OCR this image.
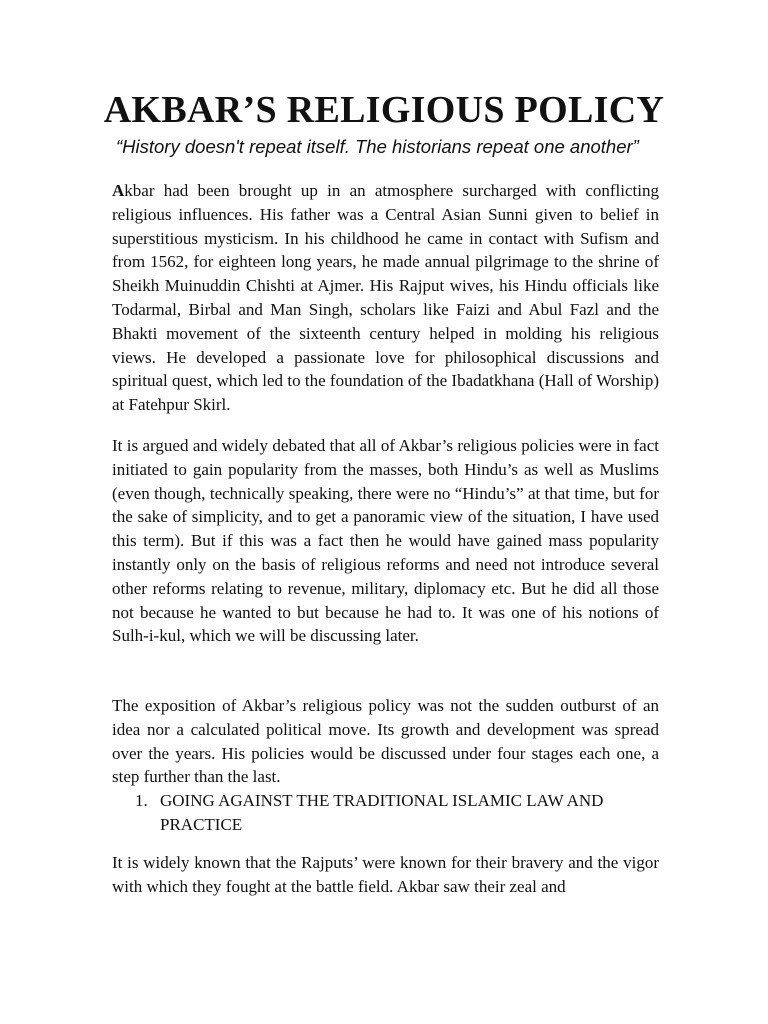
AKBAR’S RELIGIOUS POLICY

“History doesn't repeat itself. The historians repeat one another”

Akbar had been brought up in an atmosphere surcharged with conflicting religious influences. His father was a Central Asian Sunni given to belief in superstitious mysticism. In his childhood he came in contact with Sufism and from 1562, for eighteen long years, he made annual pilgrimage to the shrine of Sheikh Muinuddin Chishti at Ajmer. His Rajput wives, his Hindu officials like Todarmal, Birbal and Man Singh, scholars like Faizi and Abul Fazl and the Bhakti movement of the sixteenth century helped in molding his religious views. He developed a passionate love for philosophical discussions and spiritual quest, which led to the foundation of the Ibadatkhana (Hall of Worship) at Fatehpur Skirl.

It is argued and widely debated that all of Akbar’s religious policies were in fact initiated to gain popularity from the masses, both Hindu’s as well as Muslims (even though, technically speaking, there were no “Hindu’s” at that time, but for the sake of simplicity, and to get a panoramic view of the situation, I have used this term). But if this was a fact then he would have gained mass popularity instantly only on the basis of religious reforms and need not introduce several other reforms relating to revenue, military, diplomacy etc. But he did all those not because he wanted to but because he had to. It was one of his notions of Sulh-i-kul, which we will be discussing later.

The exposition of Akbar’s religious policy was not the sudden outburst of an idea nor a calculated political move. Its growth and development was spread over the years. His policies would be discussed under four stages each one, a step further than the last.

1. GOING AGAINST THE TRADITIONAL ISLAMIC LAW AND PRACTICE

It is widely known that the Rajputs’ were known for their bravery and the vigor with which they fought at the battle field. Akbar saw their zeal and
